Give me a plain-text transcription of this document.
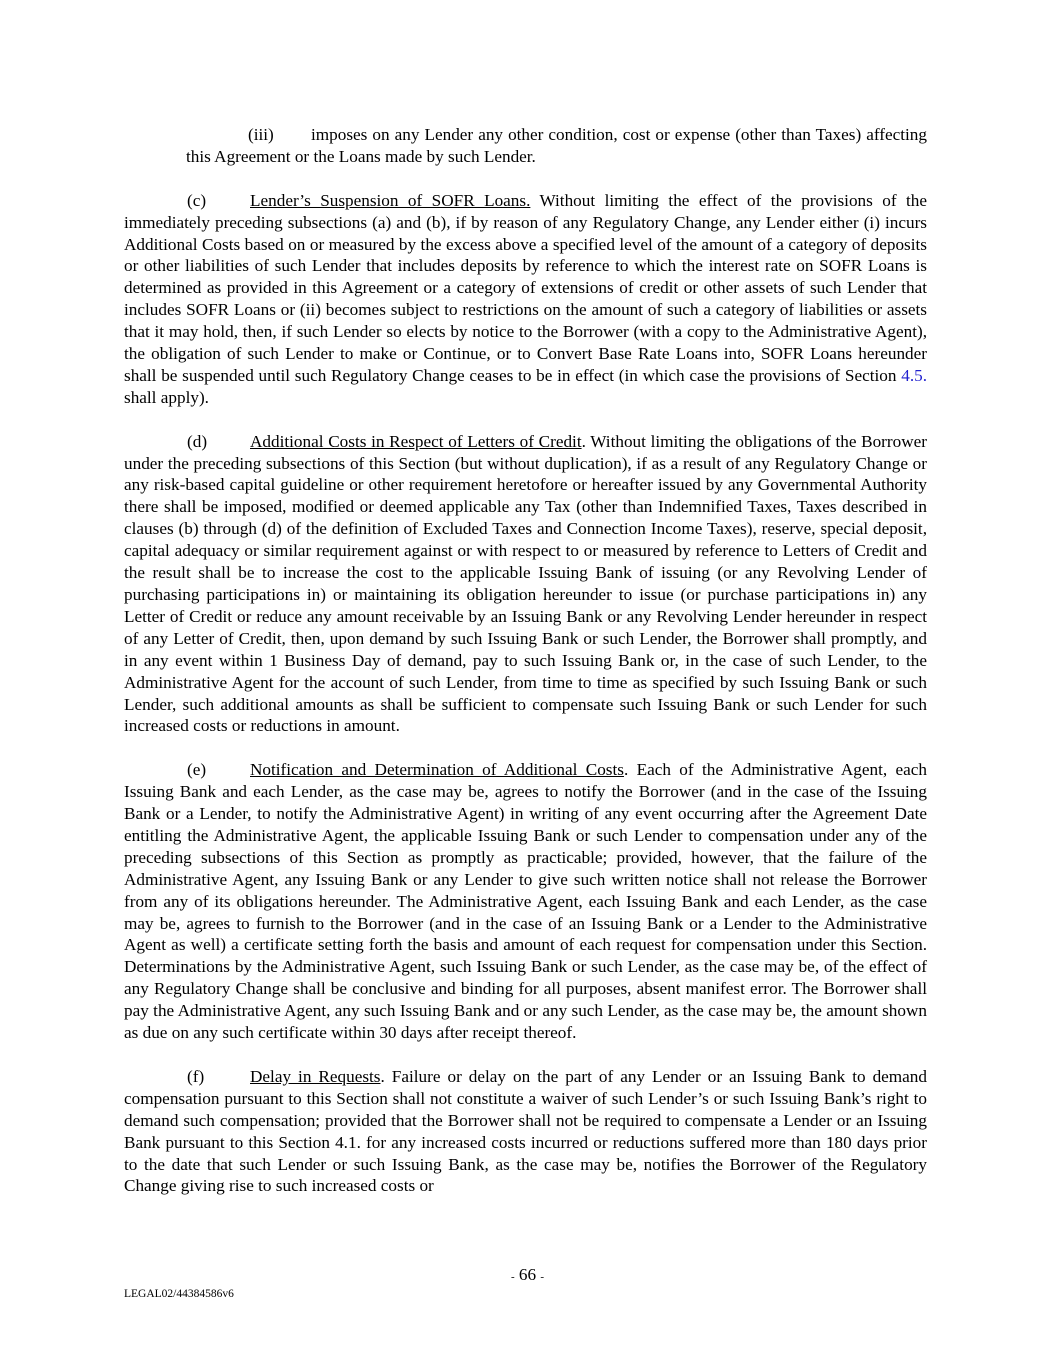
(iii) imposes on any Lender any other condition, cost or expense (other than Taxes) affecting this Agreement or the Loans made by such Lender.

(c)	Lender’s Suspension of SOFR Loans. Without limiting the effect of the provisions of the immediately preceding subsections (a) and (b), if by reason of any Regulatory Change, any Lender either (i) incurs Additional Costs based on or measured by the excess above a specified level of the amount of a category of deposits or other liabilities of such Lender that includes deposits by reference to which the interest rate on SOFR Loans is determined as provided in this Agreement or a category of extensions of credit or other assets of such Lender that includes SOFR Loans or (ii) becomes subject to restrictions on the amount of such a category of liabilities or assets that it may hold, then, if such Lender so elects by notice to the Borrower (with a copy to the Administrative Agent), the obligation of such Lender to make or Continue, or to Convert Base Rate Loans into, SOFR Loans hereunder shall be suspended until such Regulatory Change ceases to be in effect (in which case the provisions of Section 4.5. shall apply).

(d) Additional Costs in Respect of Letters of Credit. Without limiting the obligations of the Borrower under the preceding subsections of this Section (but without duplication), if as a result of any Regulatory Change or any risk-based capital guideline or other requirement heretofore or hereafter issued by any Governmental Authority there shall be imposed, modified or deemed applicable any Tax (other than Indemnified Taxes, Taxes described in clauses (b) through (d) of the definition of Excluded Taxes and Connection Income Taxes), reserve, special deposit, capital adequacy or similar requirement against or with respect to or measured by reference to Letters of Credit and the result shall be to increase the cost to the applicable Issuing Bank of issuing (or any Revolving Lender of purchasing participations in) or maintaining its obligation hereunder to issue (or purchase participations in) any Letter of Credit or reduce any amount receivable by an Issuing Bank or any Revolving Lender hereunder in respect of any Letter of Credit, then, upon demand by such Issuing Bank or such Lender, the Borrower shall promptly, and in any event within 1 Business Day of demand, pay to such Issuing Bank or, in the case of such Lender, to the Administrative Agent for the account of such Lender, from time to time as specified by such Issuing Bank or such Lender, such additional amounts as shall be sufficient to compensate such Issuing Bank or such Lender for such increased costs or reductions in amount.

(e)	Notification and Determination of Additional Costs. Each of the Administrative Agent, each Issuing Bank and each Lender, as the case may be, agrees to notify the Borrower (and in the case of the Issuing Bank or a Lender, to notify the Administrative Agent) in writing of any event occurring after the Agreement Date entitling the Administrative Agent, the applicable Issuing Bank or such Lender to compensation under any of the preceding subsections of this Section as promptly as practicable; provided, however, that the failure of the Administrative Agent, any Issuing Bank or any Lender to give such written notice shall not release the Borrower from any of its obligations hereunder. The Administrative Agent, each Issuing Bank and each Lender, as the case may be, agrees to furnish to the Borrower (and in the case of an Issuing Bank or a Lender to the Administrative Agent as well) a certificate setting forth the basis and amount of each request for compensation under this Section. Determinations by the Administrative Agent, such Issuing Bank or such Lender, as the case may be, of the effect of any Regulatory Change shall be conclusive and binding for all purposes, absent manifest error. The Borrower shall pay the Administrative Agent, any such Issuing Bank and or any such Lender, as the case may be, the amount shown as due on any such certificate within 30 days after receipt thereof.

(f)	Delay in Requests. Failure or delay on the part of any Lender or an Issuing Bank to demand compensation pursuant to this Section shall not constitute a waiver of such Lender’s or such Issuing Bank’s right to demand such compensation; provided that the Borrower shall not be required to compensate a Lender or an Issuing Bank pursuant to this Section 4.1. for any increased costs incurred or reductions suffered more than 180 days prior to the date that such Lender or such Issuing Bank, as the case may be, notifies the Borrower of the Regulatory Change giving rise to such increased costs or

- 66 -
LEGAL02/44384586v6
